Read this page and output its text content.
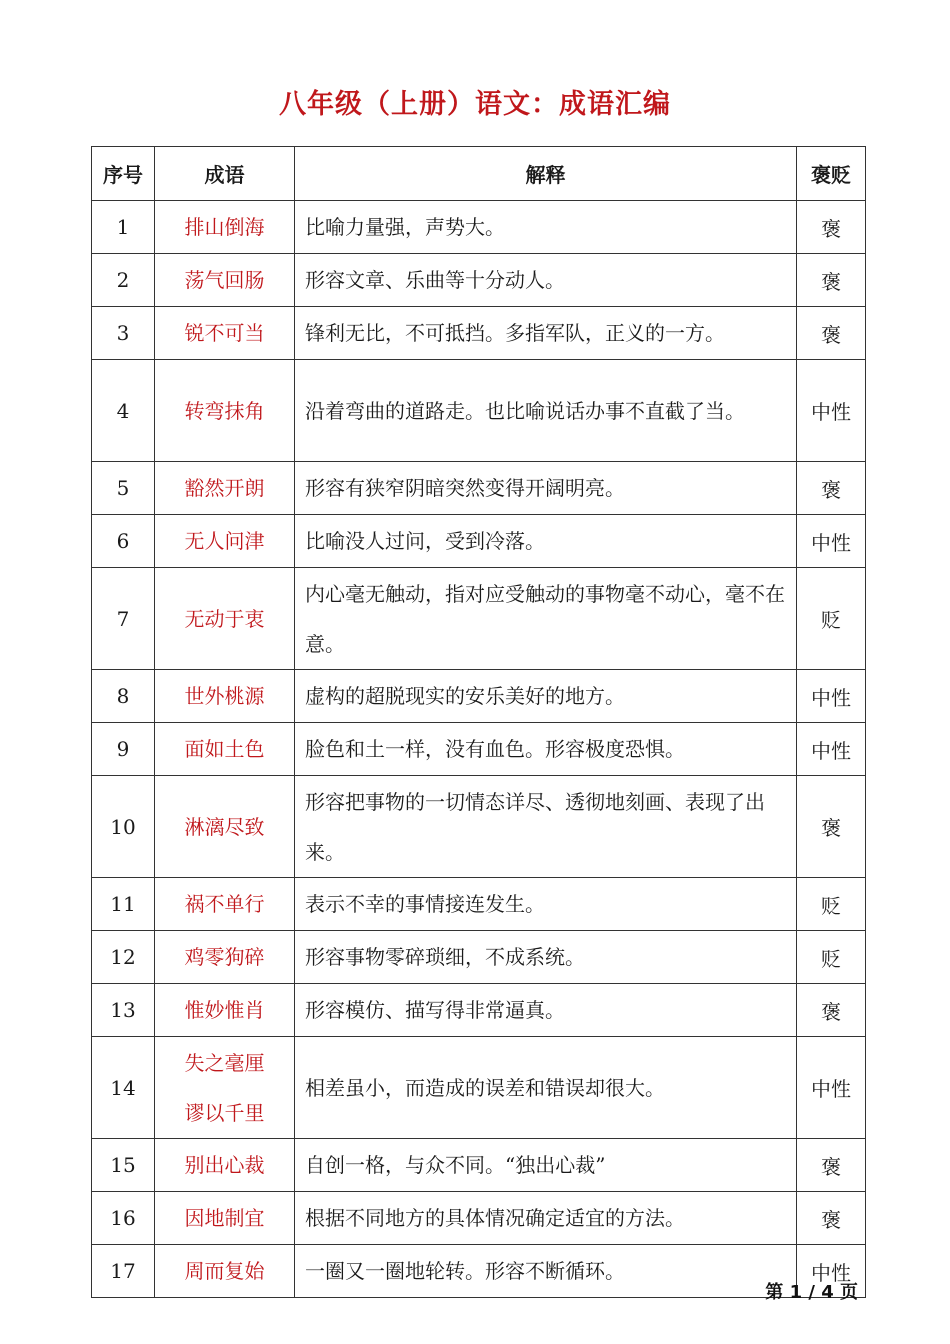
八年级（上册）语文：成语汇编
序号	成语	解释	褒贬
1	排山倒海	比喻力量强，声势大。	褒
2	荡气回肠	形容文章、乐曲等十分动人。	褒
3	锐不可当	锋利无比，不可抵挡。多指军队，正义的一方。	褒
4	转弯抹角	沿着弯曲的道路走。也比喻说话办事不直截了当。	中性
5	豁然开朗	形容有狭窄阴暗突然变得开阔明亮。	褒
6	无人问津	比喻没人过问，受到冷落。	中性
7	无动于衷	内心毫无触动，指对应受触动的事物毫不动心，毫不在意。	贬
8	世外桃源	虚构的超脱现实的安乐美好的地方。	中性
9	面如土色	脸色和土一样，没有血色。形容极度恐惧。	中性
10	淋漓尽致	形容把事物的一切情态详尽、透彻地刻画、表现了出来。	褒
11	祸不单行	表示不幸的事情接连发生。	贬
12	鸡零狗碎	形容事物零碎琐细，不成系统。	贬
13	惟妙惟肖	形容模仿、描写得非常逼真。	褒
14	失之毫厘谬以千里	相差虽小，而造成的误差和错误却很大。	中性
15	别出心裁	自创一格，与众不同。“独出心裁”	褒
16	因地制宜	根据不同地方的具体情况确定适宜的方法。	褒
17	周而复始	一圈又一圈地轮转。形容不断循环。	中性
第 1 / 4 页
